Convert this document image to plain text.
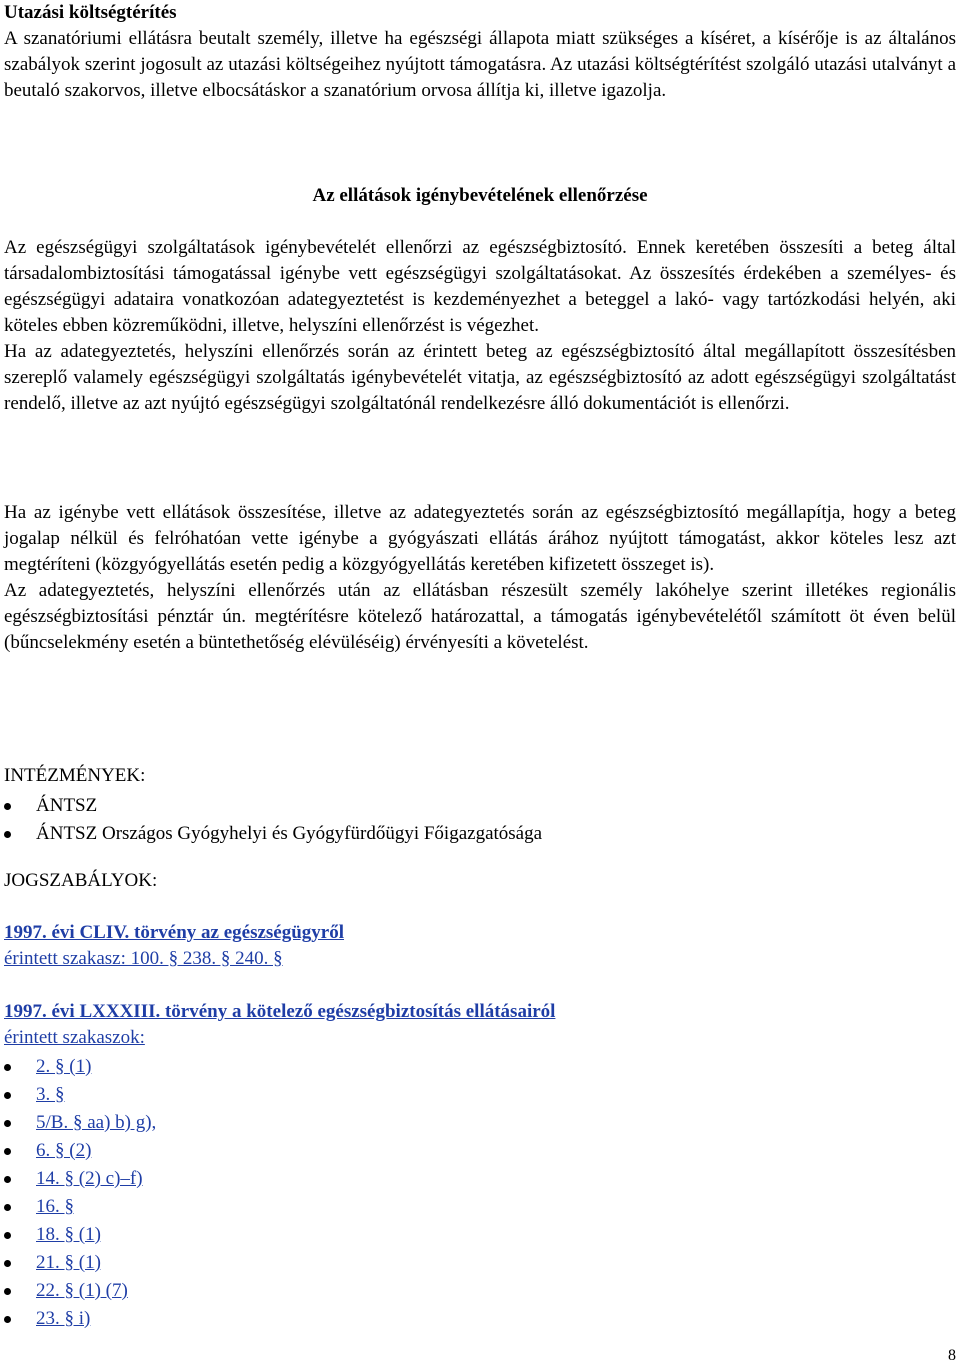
Utazási költségtérítés

A szanatóriumi ellátásra beutalt személy, illetve ha egészségi állapota miatt szükséges a kíséret, a kísérője is az általános szabályok szerint jogosult az utazási költségeihez nyújtott támogatásra. Az utazási költségtérítést szolgáló utazási utalványt a beutaló szakorvos, illetve elbocsátáskor a szanatórium orvosa állítja ki, illetve igazolja.

Az ellátások igénybevételének ellenőrzése

Az egészségügyi szolgáltatások igénybevételét ellenőrzi az egészségbiztosító. Ennek keretében összesíti a beteg által társadalombiztosítási támogatással igénybe vett egészségügyi szolgáltatásokat. Az összesítés érdekében a személyes- és egészségügyi adataira vonatkozóan adategyeztetést is kezdeményezhet a beteggel a lakó- vagy tartózkodási helyén, aki köteles ebben közreműködni, illetve, helyszíni ellenőrzést is végezhet.

Ha az adategyeztetés, helyszíni ellenőrzés során az érintett beteg az egészségbiztosító által megállapított összesítésben szereplő valamely egészségügyi szolgáltatás igénybevételét vitatja, az egészségbiztosító az adott egészségügyi szolgáltatást rendelő, illetve az azt nyújtó egészségügyi szolgáltatónál rendelkezésre álló dokumentációt is ellenőrzi.

Ha az igénybe vett ellátások összesítése, illetve az adategyeztetés során az egészségbiztosító megállapítja, hogy a beteg jogalap nélkül és felróhatóan vette igénybe a gyógyászati ellátás árához nyújtott támogatást, akkor köteles lesz azt megtéríteni (közgyógyellátás esetén pedig a közgyógyellátás keretében kifizetett összeget is).

Az adategyeztetés, helyszíni ellenőrzés után az ellátásban részesült személy lakóhelye szerint illetékes regionális egészségbiztosítási pénztár ún. megtérítésre kötelező határozattal, a támogatás igénybevételétől számított öt éven belül (bűncselekmény esetén a büntethetőség elévüléséig) érvényesíti a követelést.

INTÉZMÉNYEK:

ÁNTSZ
ÁNTSZ Országos Gyógyhelyi és Gyógyfürdőügyi Főigazgatósága

JOGSZABÁLYOK:

1997. évi CLIV. törvény az egészségügyről

érintett szakasz: 100. § 238. § 240. §

1997. évi LXXXIII. törvény a kötelező egészségbiztosítás ellátásairól

érintett szakaszok:

2. § (1)
3. §
5/B. § aa) b) g),
6. § (2)
14. § (2) c)–f)
16. §
18. § (1)
21. § (1)
22. § (1) (7)
23. § i)
8
